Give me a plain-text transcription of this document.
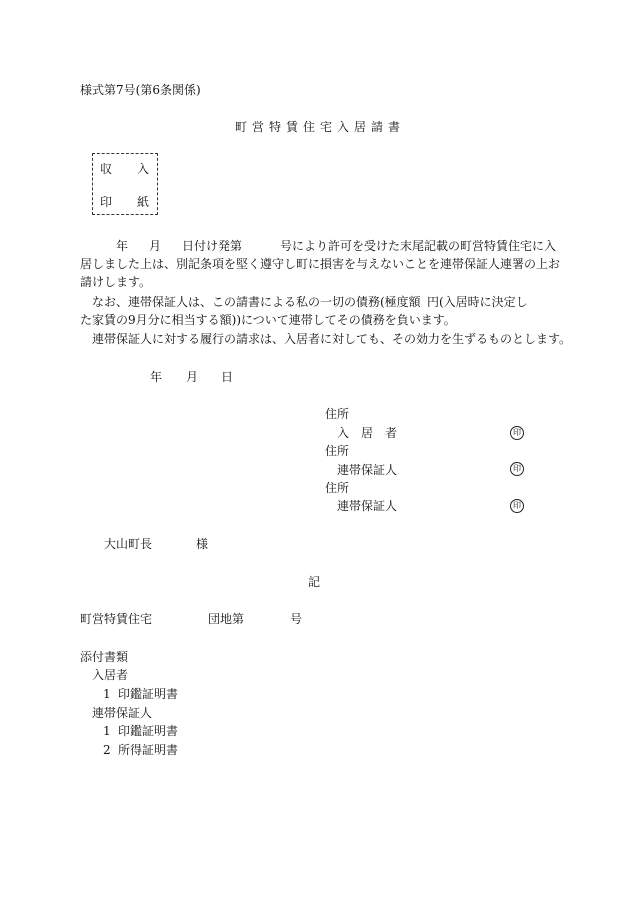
様式第7号(第6条関係)
町営特賃住宅入居請書
収 入
印 紙
年 月 日付け発第	号により許可を受けた末尾記載の町営特賃住宅に入
居しました上は、別記条項を堅く遵守し町に損害を与えないことを連帯保証人連署の上お
請けします。
なお、連帯保証人は、この請書による私の一切の債務(極度額 円(入居時に決定し
た家賃の9月分に相当する額))について連帯してその債務を負います。
連帯保証人に対する履行の請求は、入居者に対しても、その効力を生ずるものとします。
年 月 日
住所
入　居　者	印
住所
連帯保証人	印
住所
連帯保証人	印
大山町長	様
記
町営特賃住宅	団地第	号
添付書類
入居者
1 印鑑証明書
連帯保証人
1 印鑑証明書
2 所得証明書
